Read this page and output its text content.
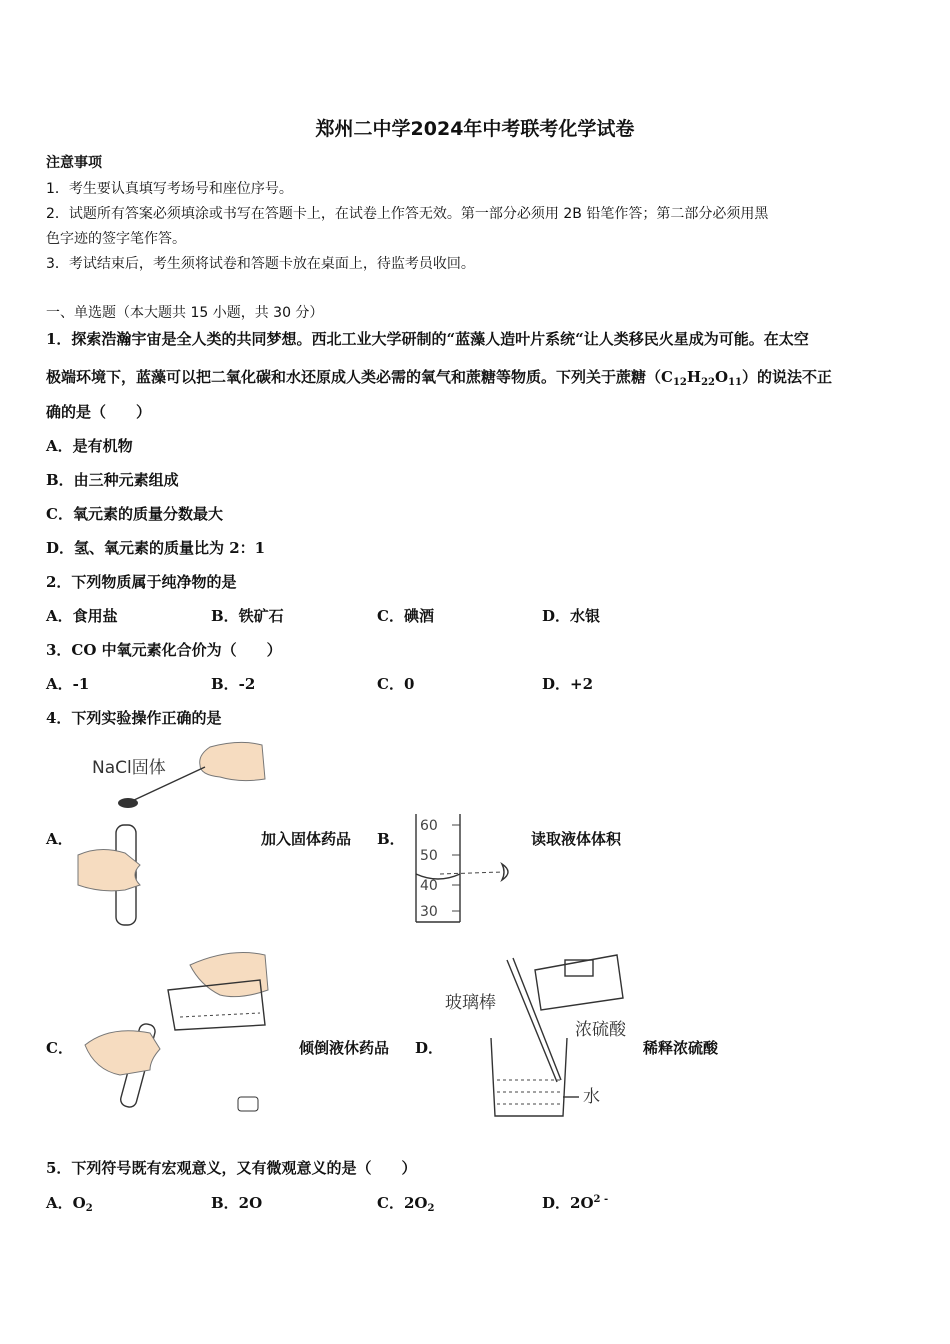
郑州二中学2024年中考联考化学试卷
注意事项
1．考生要认真填写考场号和座位序号。
2．试题所有答案必须填涂或书写在答题卡上，在试卷上作答无效。第一部分必须用 2B 铅笔作答；第二部分必须用黑
色字迹的签字笔作答。
3．考试结束后，考生须将试卷和答题卡放在桌面上，待监考员收回。
一、单选题（本大题共 15 小题，共 30 分）
1．探索浩瀚宇宙是全人类的共同梦想。西北工业大学研制的“蓝藻人造叶片系统“让人类移民火星成为可能。在太空
极端环境下，蓝藻可以把二氧化碳和水还原成人类必需的氧气和蔗糖等物质。下列关于蔗糖$(C_{12}H_{22}O_{11})$的说法不正
确的是（　　）
A．是有机物
B．由三种元素组成
C．氧元素的质量分数最大
D．氢、氧元素的质量比为 2：1
2．下列物质属于纯净物的是
A．食用盐	B．铁矿石	C．碘酒	D．水银
3．CO 中氧元素化合价为（　　）
A．-1	B．-2	C．0	D．+2
4．下列实验操作正确的是
A．
NaCl固体
加入固体药品 B．
60
50
40
30
读取液体体积
C．	倾倒液休药品 D．
玻璃棒
浓硫酸
水
稀释浓硫酸
5．下列符号既有宏观意义，又有微观意义的是（　　）
A．$O_2$	B．2O	C．$2O_2$	D．$2O^{2 -}$
